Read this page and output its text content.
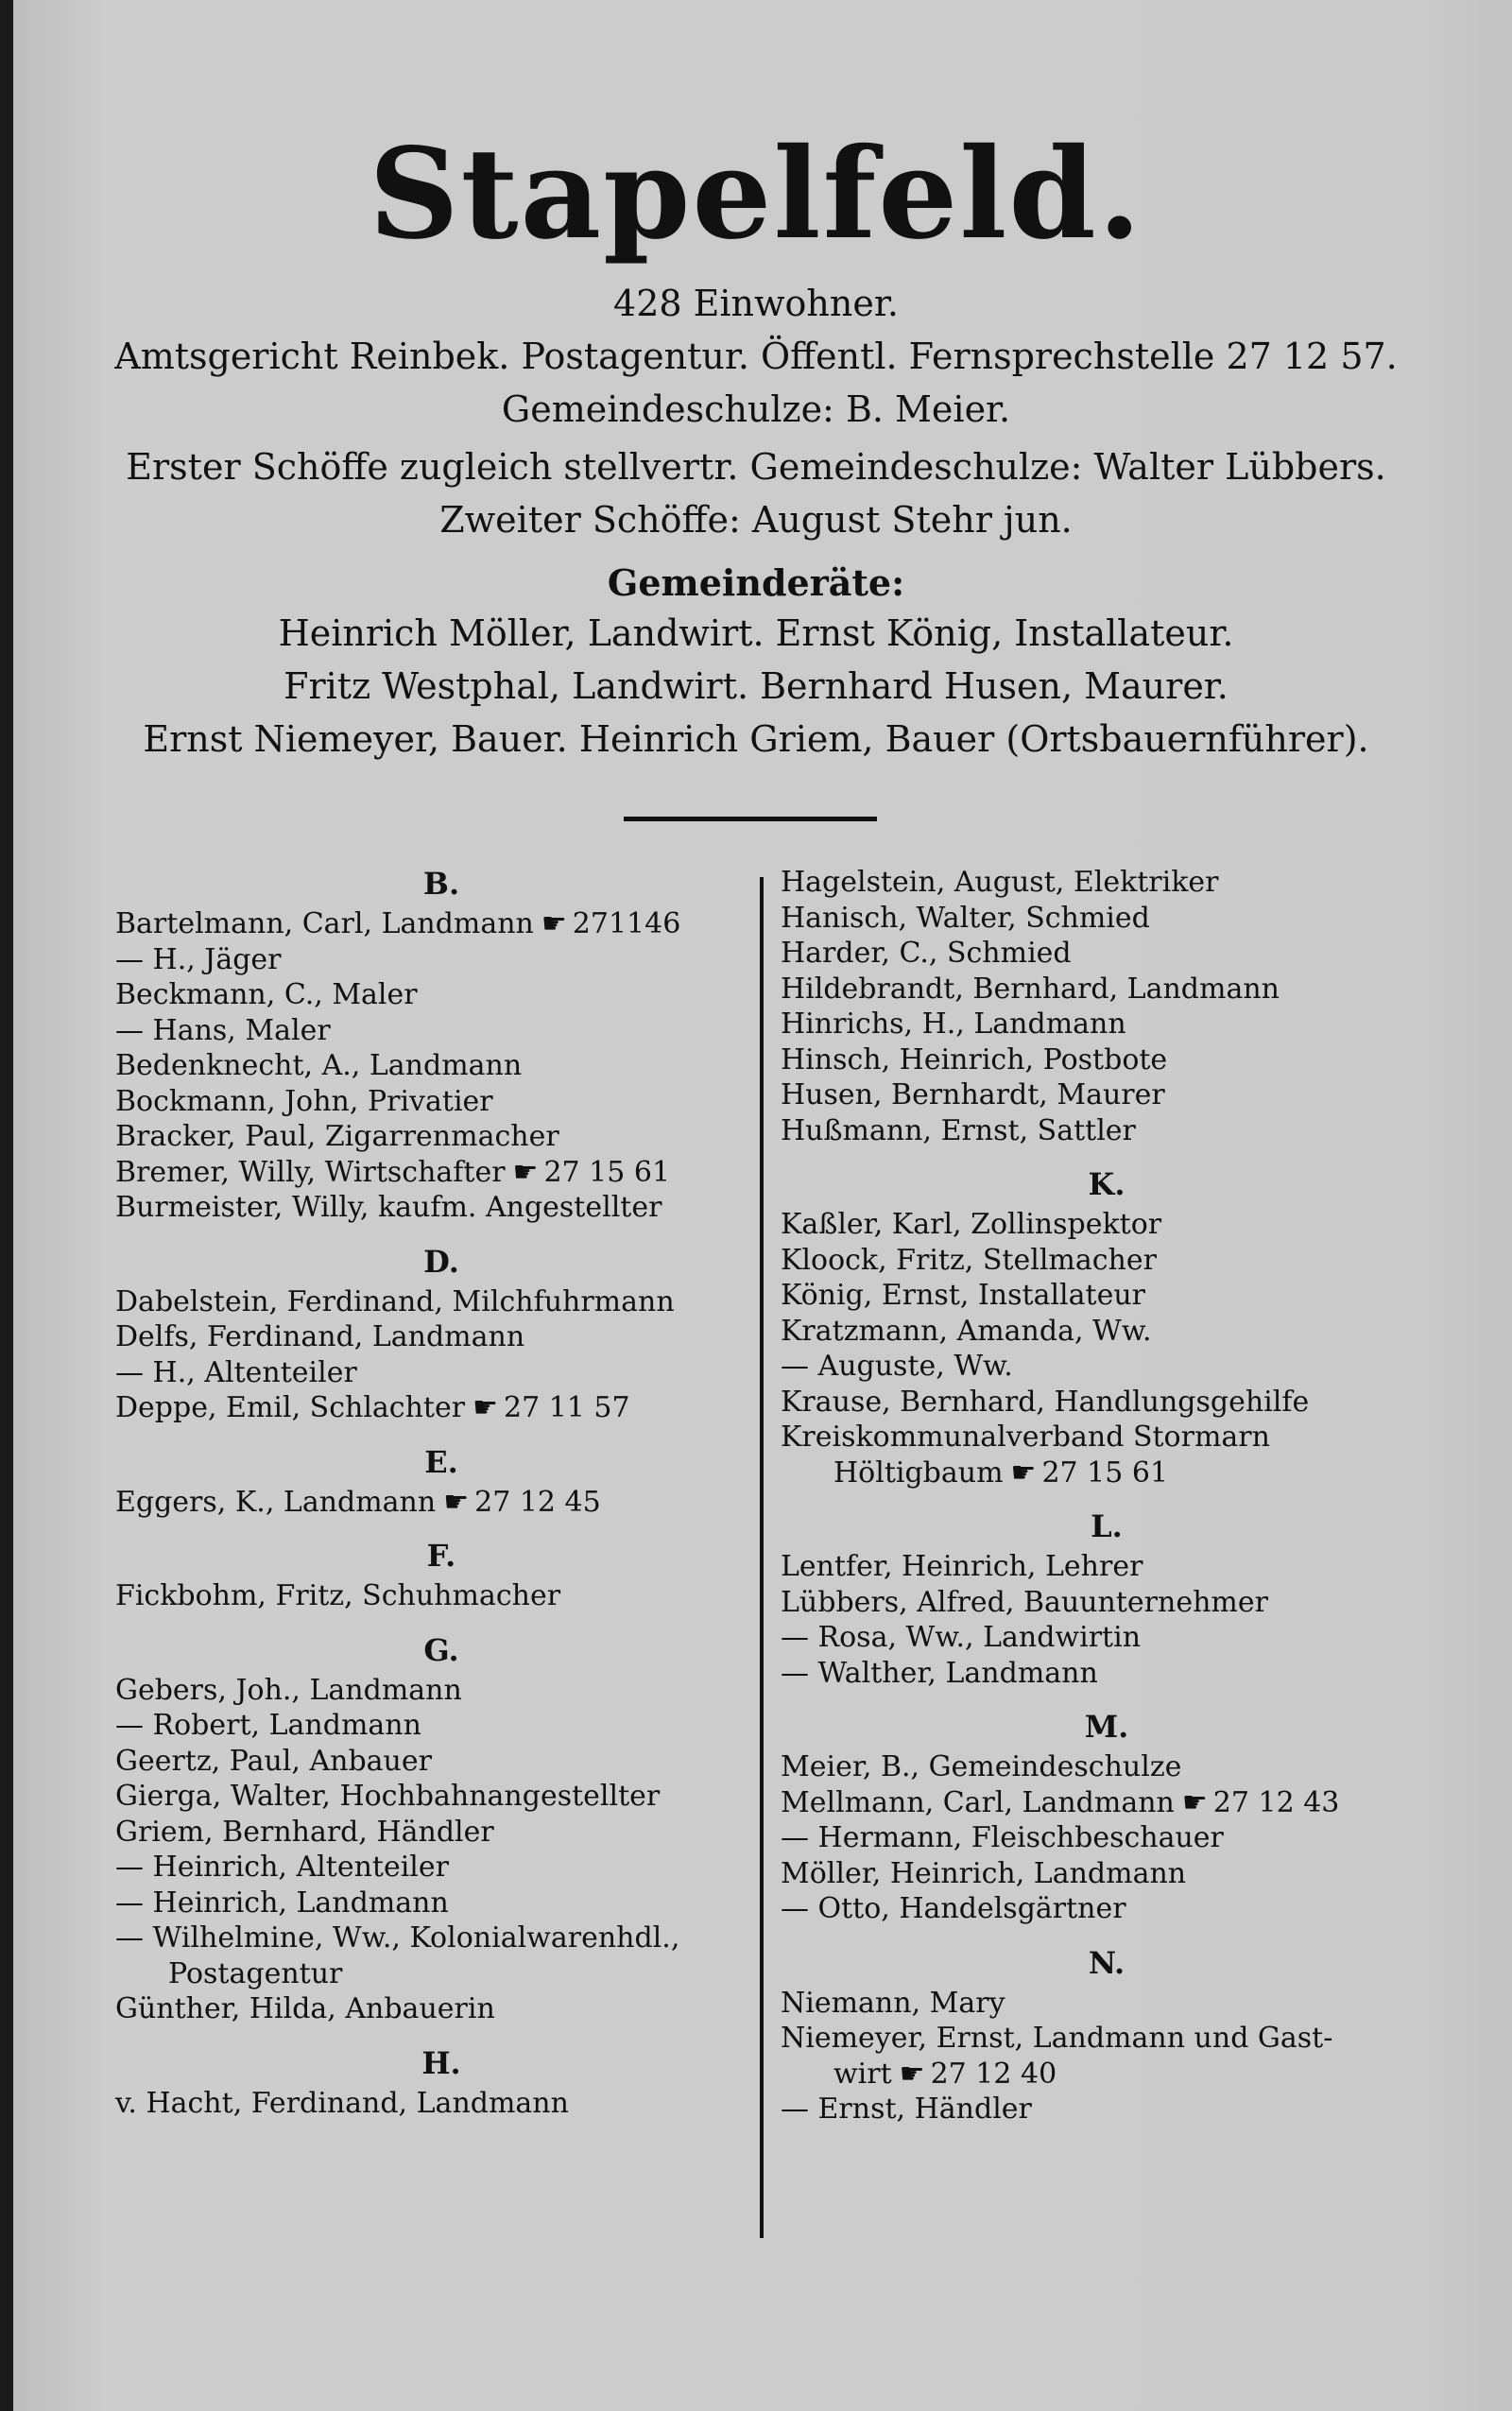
Stapelfeld.
428 Einwohner.
Amtsgericht Reinbek. Postagentur. Öffentl. Fernsprechstelle 27 12 57.
Gemeindeschulze: B. Meier.
Erster Schöffe zugleich stellvertr. Gemeindeschulze: Walter Lübbers.
Zweiter Schöffe: August Stehr jun.
Gemeinderäte:
Heinrich Möller, Landwirt. Ernst König, Installateur.
Fritz Westphal, Landwirt. Bernhard Husen, Maurer.
Ernst Niemeyer, Bauer. Heinrich Griem, Bauer (Ortsbauernführer).
B.
Bartelmann, Carl, Landmann ☛ 271146
— H., Jäger
Beckmann, C., Maler
— Hans, Maler
Bedenknecht, A., Landmann
Bockmann, John, Privatier
Bracker, Paul, Zigarrenmacher
Bremer, Willy, Wirtschafter ☛ 27 15 61
Burmeister, Willy, kaufm. Angestellter
D.
Dabelstein, Ferdinand, Milchfuhrmann
Delfs, Ferdinand, Landmann
— H., Altenteiler
Deppe, Emil, Schlachter ☛ 27 11 57
E.
Eggers, K., Landmann ☛ 27 12 45
F.
Fickbohm, Fritz, Schuhmacher
G.
Gebers, Joh., Landmann
— Robert, Landmann
Geertz, Paul, Anbauer
Gierga, Walter, Hochbahnangestellter
Griem, Bernhard, Händler
— Heinrich, Altenteiler
— Heinrich, Landmann
— Wilhelmine, Ww., Kolonialwarenhdl.,
Postagentur
Günther, Hilda, Anbauerin
H.
v. Hacht, Ferdinand, Landmann
Hagelstein, August, Elektriker
Hanisch, Walter, Schmied
Harder, C., Schmied
Hildebrandt, Bernhard, Landmann
Hinrichs, H., Landmann
Hinsch, Heinrich, Postbote
Husen, Bernhardt, Maurer
Hußmann, Ernst, Sattler
K.
Kaßler, Karl, Zollinspektor
Kloock, Fritz, Stellmacher
König, Ernst, Installateur
Kratzmann, Amanda, Ww.
— Auguste, Ww.
Krause, Bernhard, Handlungsgehilfe
Kreiskommunalverband Stormarn
Höltigbaum ☛ 27 15 61
L.
Lentfer, Heinrich, Lehrer
Lübbers, Alfred, Bauunternehmer
— Rosa, Ww., Landwirtin
— Walther, Landmann
M.
Meier, B., Gemeindeschulze
Mellmann, Carl, Landmann ☛ 27 12 43
— Hermann, Fleischbeschauer
Möller, Heinrich, Landmann
— Otto, Handelsgärtner
N.
Niemann, Mary
Niemeyer, Ernst, Landmann und Gast-
wirt ☛ 27 12 40
— Ernst, Händler
